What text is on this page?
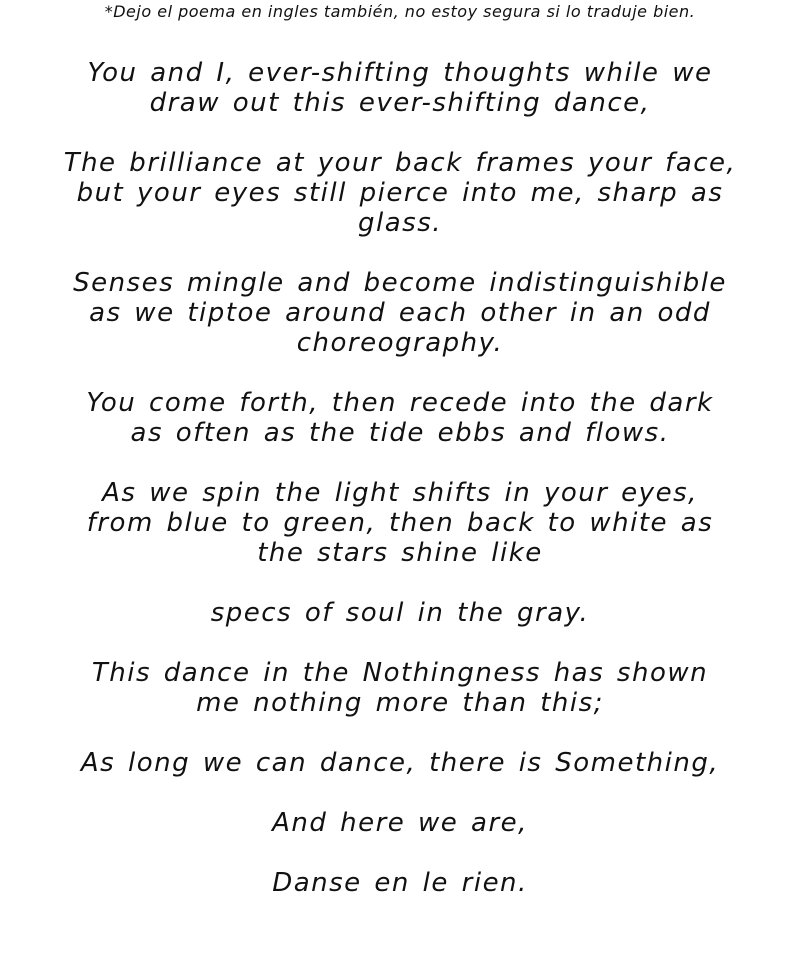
*Dejo el poema en ingles también, no estoy segura si lo traduje bien.

You and I, ever-shifting thoughts while we
draw out this ever-shifting dance,
The brilliance at your back frames your face,
but your eyes still pierce into me, sharp as
glass.
Senses mingle and become indistinguishible
as we tiptoe around each other in an odd
choreography.
You come forth, then recede into the dark
as often as the tide ebbs and flows.
As we spin the light shifts in your eyes,
from blue to green, then back to white as
the stars shine like
specs of soul in the gray.
This dance in the Nothingness has shown
me nothing more than this;
As long we can dance, there is Something,
And here we are,
Danse en le rien.
